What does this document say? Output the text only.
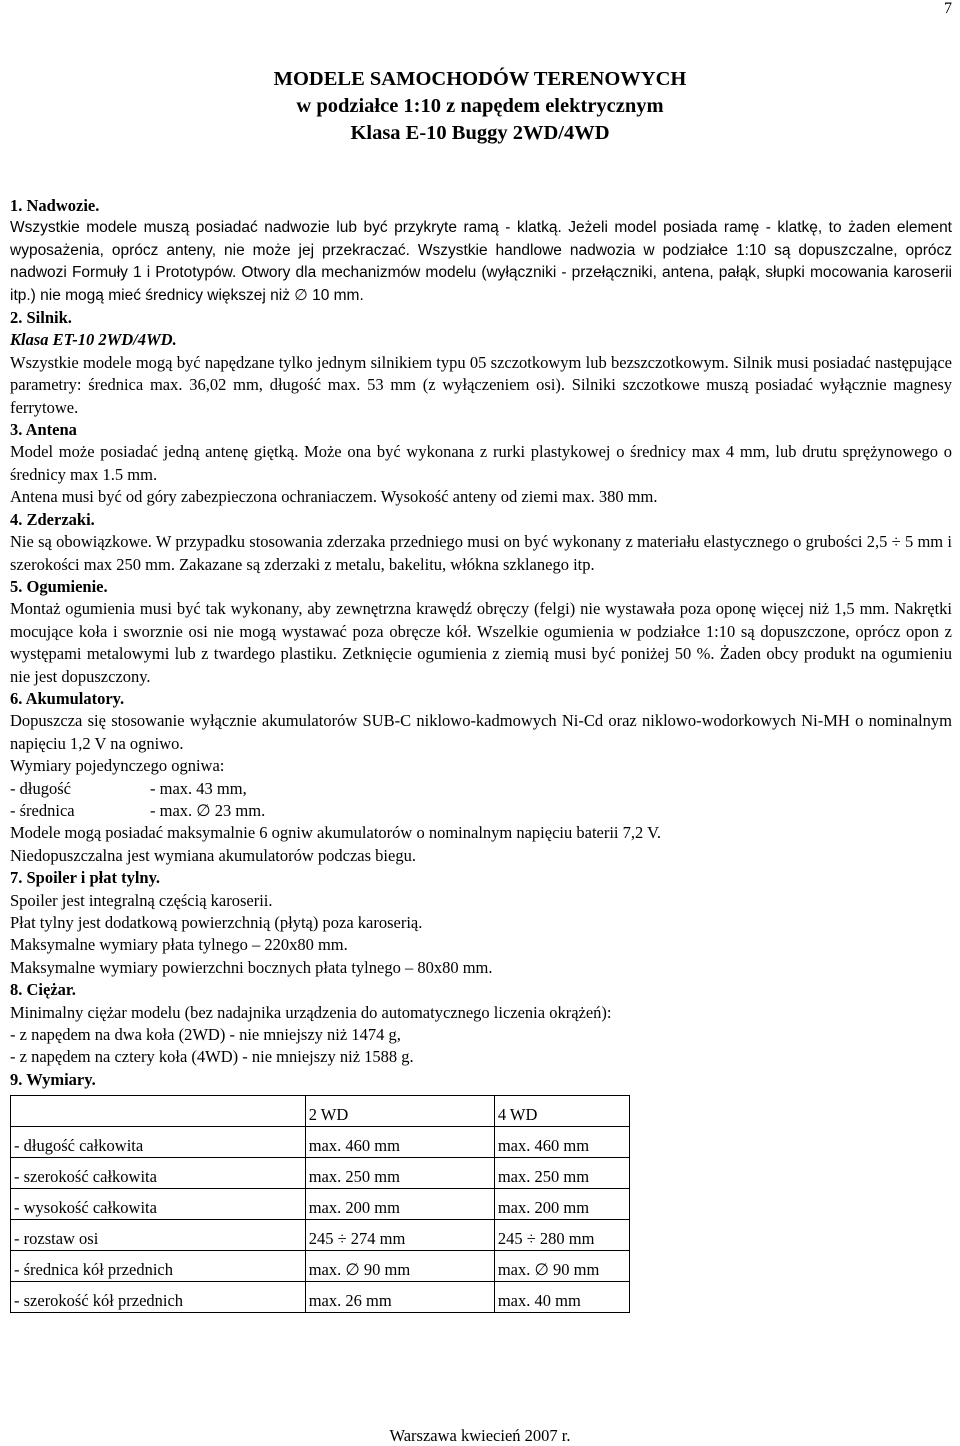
7
MODELE SAMOCHODÓW TERENOWYCH
w podziałce 1:10 z napędem elektrycznym
Klasa E-10 Buggy 2WD/4WD

1. Nadwozie.

Wszystkie modele muszą posiadać nadwozie lub być przykryte ramą - klatką. Jeżeli model posiada ramę - klatkę, to żaden element wyposażenia, oprócz anteny, nie może jej przekraczać. Wszystkie handlowe nadwozia w podziałce 1:10 są dopuszczalne, oprócz nadwozi Formuły 1 i Prototypów. Otwory dla mechanizmów modelu (wyłączniki - przełączniki, antena, pałąk, słupki mocowania karoserii itp.) nie mogą mieć średnicy większej niż ∅ 10 mm.

2. Silnik.

Klasa ET-10 2WD/4WD.

Wszystkie modele mogą być napędzane tylko jednym silnikiem typu 05 szczotkowym lub bezszczotkowym. Silnik musi posiadać następujące parametry: średnica max. 36,02 mm, długość max. 53 mm (z wyłączeniem osi). Silniki szczotkowe muszą posiadać wyłącznie magnesy ferrytowe.

3. Antena

Model może posiadać jedną antenę giętką. Może ona być wykonana z rurki plastykowej o średnicy max 4 mm, lub drutu sprężynowego o średnicy max 1.5 mm.

Antena musi być od góry zabezpieczona ochraniaczem. Wysokość anteny od ziemi max. 380 mm.

4. Zderzaki.

Nie są obowiązkowe. W przypadku stosowania zderzaka przedniego musi on być wykonany z materiału elastycznego o grubości 2,5 ÷ 5 mm i szerokości max 250 mm. Zakazane są zderzaki z metalu, bakelitu, włókna szklanego itp.

5. Ogumienie.

Montaż ogumienia musi być tak wykonany, aby zewnętrzna krawędź obręczy (felgi) nie wystawała poza oponę więcej niż 1,5 mm. Nakrętki mocujące koła i sworznie osi nie mogą wystawać poza obręcze kół. Wszelkie ogumienia w podziałce 1:10 są dopuszczone, oprócz opon z występami metalowymi lub z twardego plastiku. Zetknięcie ogumienia z ziemią musi być poniżej 50 %. Żaden obcy produkt na ogumieniu nie jest dopuszczony.

6. Akumulatory.

Dopuszcza się stosowanie wyłącznie akumulatorów SUB-C niklowo-kadmowych Ni-Cd oraz niklowo-wodorkowych Ni-MH o nominalnym napięciu 1,2 V na ogniwo.

Wymiary pojedynczego ogniwa:

- długość	- max. 43 mm,

- średnica	- max. ∅ 23 mm.

Modele mogą posiadać maksymalnie 6 ogniw akumulatorów o nominalnym napięciu baterii 7,2 V.

Niedopuszczalna jest wymiana akumulatorów podczas biegu.

7. Spoiler i płat tylny.

Spoiler jest integralną częścią karoserii.

Płat tylny jest dodatkową powierzchnią (płytą) poza karoserią.

Maksymalne wymiary płata tylnego – 220x80 mm.

Maksymalne wymiary powierzchni bocznych płata tylnego – 80x80 mm.

8. Ciężar.

Minimalny ciężar modelu (bez nadajnika urządzenia do automatycznego liczenia okrążeń):

- z napędem na dwa koła (2WD) - nie mniejszy niż 1474 g,

- z napędem na cztery koła (4WD) - nie mniejszy niż 1588 g.

9. Wymiary.

	2 WD	4 WD
- długość całkowita	max. 460 mm	max. 460 mm
- szerokość całkowita	max. 250 mm	max. 250 mm
- wysokość całkowita	max. 200 mm	max. 200 mm
- rozstaw osi	245 ÷ 274 mm	245 ÷ 280 mm
- średnica kół przednich	max. ∅ 90 mm	max. ∅ 90 mm
- szerokość kół przednich	max. 26 mm	max. 40 mm
Warszawa kwiecień 2007 r.
